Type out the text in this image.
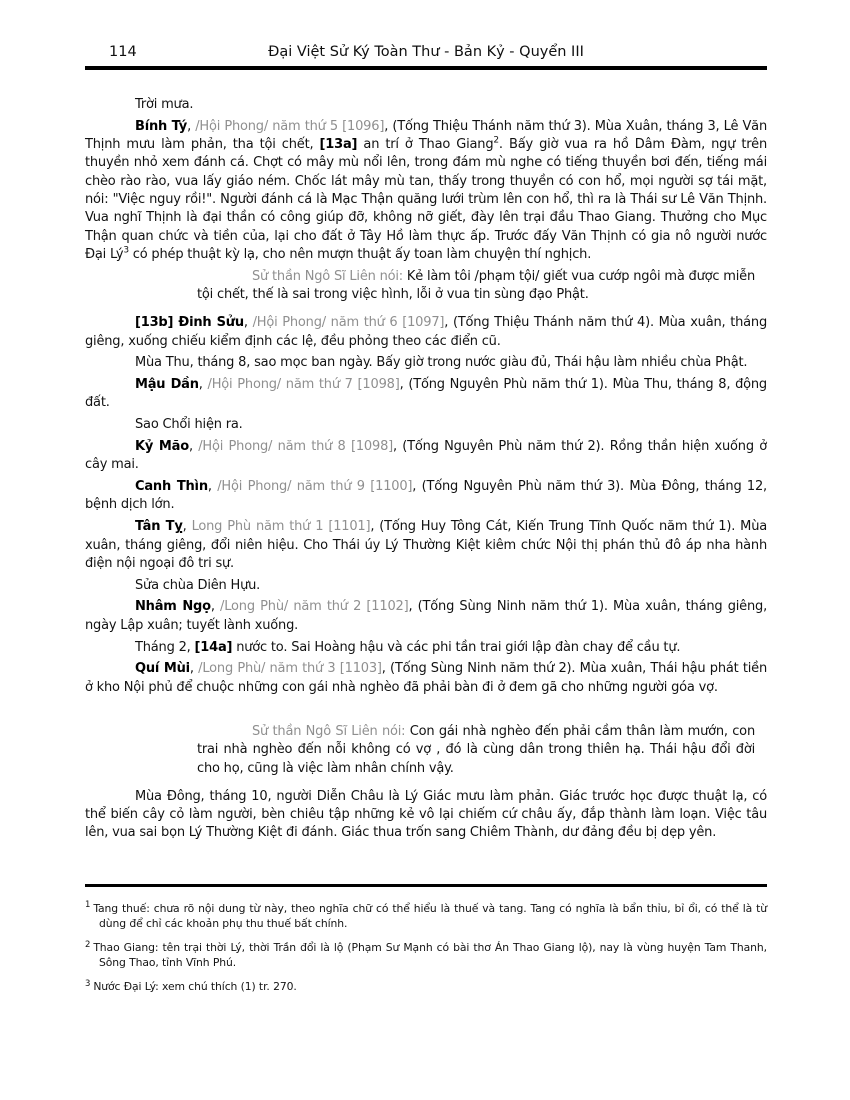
114	Đại Việt Sử Ký Toàn Thư - Bản Kỷ - Quyển III

Trời mưa.

Bính Tý, /Hội Phong/ năm thứ 5 [1096], (Tống Thiệu Thánh năm thứ 3). Mùa Xuân, tháng 3, Lê Văn Thịnh mưu làm phản, tha tội chết, [13a] an trí ở Thao Giang$^2$. Bấy giờ vua ra hồ Dâm Đàm, ngự trên thuyền nhỏ xem đánh cá. Chợt có mây mù nổi lên, trong đám mù nghe có tiếng thuyền bơi đến, tiếng mái chèo rào rào, vua lấy giáo ném. Chốc lát mây mù tan, thấy trong thuyền có con hổ, mọi người sợ tái mặt, nói: "Việc nguy rồi!". Người đánh cá là Mạc Thận quăng lưới trùm lên con hổ, thì ra là Thái sư Lê Văn Thịnh. Vua nghĩ Thịnh là đại thần có công giúp đỡ, không nỡ giết, đày lên trại đầu Thao Giang. Thưởng cho Mục Thận quan chức và tiền của, lại cho đất ở Tây Hồ làm thực ấp. Trước đấy Văn Thịnh có gia nô người nước Đại $Lý^3$ có phép thuật kỳ lạ, cho nên mượn thuật ấy toan làm chuyện thí nghịch.

Sử thần Ngô Sĩ Liên nói: Kẻ làm tôi /phạm tội/ giết vua cướp ngôi mà được miễn tội chết, thế là sai trong việc hình, lỗi ở vua tin sùng đạo Phật.

[13b] Đinh Sửu, /Hội Phong/ năm thứ 6 [1097], (Tống Thiệu Thánh năm thứ 4). Mùa xuân, tháng giêng, xuống chiếu kiểm định các lệ, đều phỏng theo các điển cũ.

Mùa Thu, tháng 8, sao mọc ban ngày. Bấy giờ trong nước giàu đủ, Thái hậu làm nhiều chùa Phật.

Mậu Dần, /Hội Phong/ năm thứ 7 [1098], (Tống Nguyên Phù năm thứ 1). Mùa Thu, tháng 8, động đất.

Sao Chổi hiện ra.

Kỷ Mão, /Hội Phong/ năm thứ 8 [1098], (Tống Nguyên Phù năm thứ 2). Rồng thần hiện xuống ở cây mai.

Canh Thìn, /Hội Phong/ năm thứ 9 [1100], (Tống Nguyên Phù năm thứ 3). Mùa Đông, tháng 12, bệnh dịch lớn.

Tân Tỵ, Long Phù năm thứ 1 [1101], (Tống Huy Tông Cát, Kiến Trung Tĩnh Quốc năm thứ 1). Mùa xuân, tháng giêng, đổi niên hiệu. Cho Thái úy Lý Thường Kiệt kiêm chức Nội thị phán thủ đô áp nha hành điện nội ngoại đô tri sự.

Sửa chùa Diên Hựu.

Nhâm Ngọ, /Long Phù/ năm thứ 2 [1102], (Tống Sùng Ninh năm thứ 1). Mùa xuân, tháng giêng, ngày Lập xuân; tuyết lành xuống.

Tháng 2, [14a] nước to. Sai Hoàng hậu và các phi tần trai giới lập đàn chay để cầu tự.

Quí Mùi, /Long Phù/ năm thứ 3 [1103], (Tống Sùng Ninh năm thứ 2). Mùa xuân, Thái hậu phát tiền ở kho Nội phủ để chuộc những con gái nhà nghèo đã phải bàn đi ở đem gã cho những người góa vợ.

Sử thần Ngô Sĩ Liên nói: Con gái nhà nghèo đến phải cầm thân làm mướn, con trai nhà nghèo đến nỗi không có vợ , đó là cùng dân trong thiên hạ. Thái hậu đổi đời cho họ, cũng là việc làm nhân chính vậy.

Mùa Đông, tháng 10, người Diễn Châu là Lý Giác mưu làm phản. Giác trước học được thuật lạ, có thể biến cây cỏ làm người, bèn chiêu tập những kẻ vô lại chiếm cứ châu ấy, đắp thành làm loạn. Việc tâu lên, vua sai bọn Lý Thường Kiệt đi đánh. Giác thua trốn sang Chiêm Thành, dư đảng đều bị dẹp yên.

$^1$ Tang thuế: chưa rõ nội dung từ này, theo nghĩa chữ có thể hiểu là thuế và tang. Tang có nghĩa là bẩn thỉu, bỉ ổi, có thể là từ dùng để chỉ các khoản phụ thu thuế bất chính.

$^2$ Thao Giang: tên trại thời Lý, thời Trần đổi là lộ (Phạm Sư Mạnh có bài thơ Án Thao Giang lộ), nay là vùng huyện Tam Thanh, Sông Thao, tỉnh Vĩnh Phú.

$^3$ Nước Đại Lý: xem chú thích (1) tr. 270.
